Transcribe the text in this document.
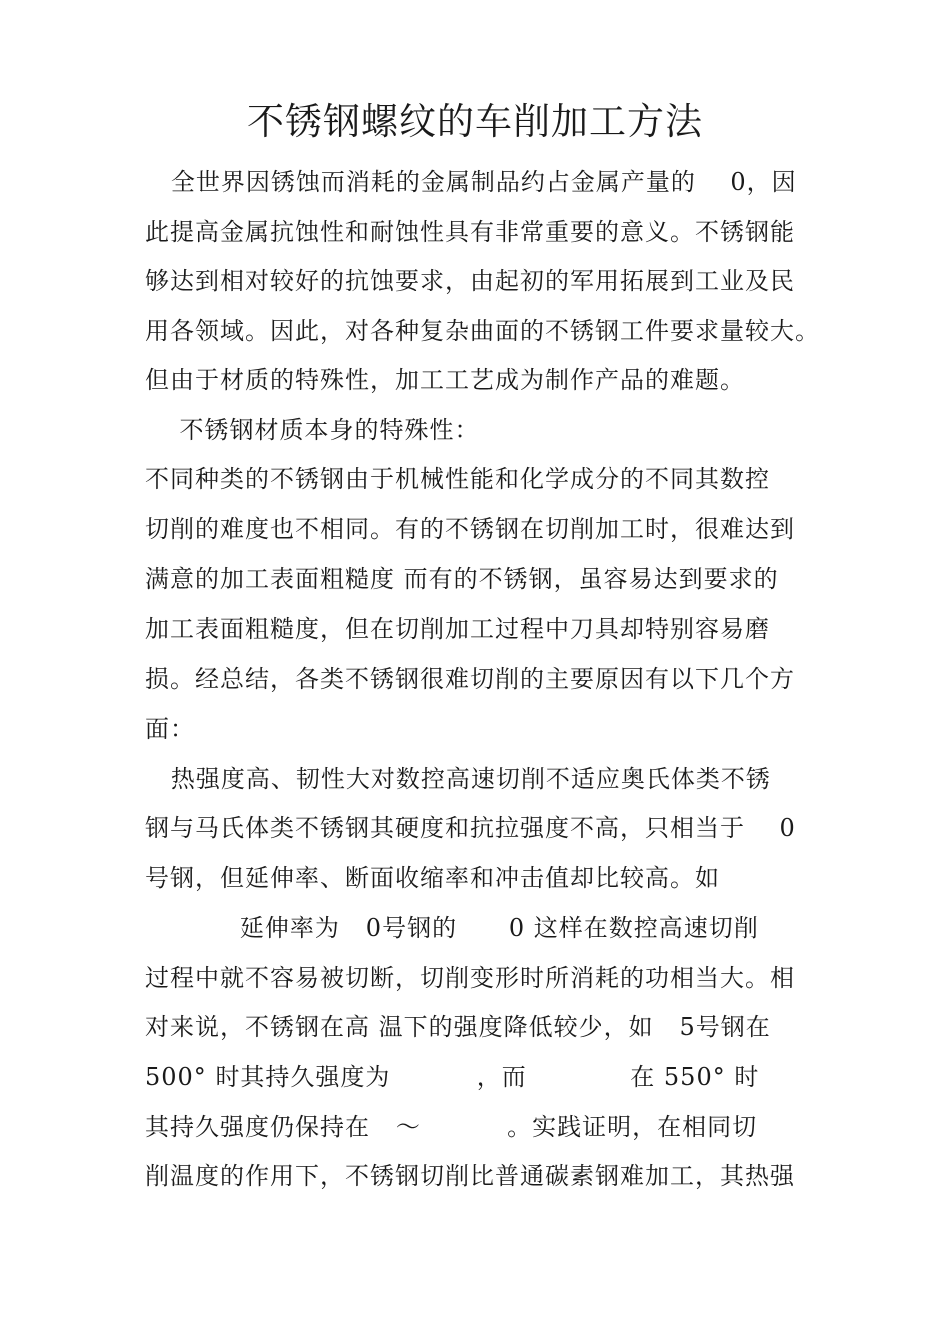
不锈钢螺纹的车削加工方法
全世界因锈蚀而消耗的金属制品约占金属产量的    0，因
此提高金属抗蚀性和耐蚀性具有非常重要的意义。不锈钢能
够达到相对较好的抗蚀要求，由起初的军用拓展到工业及民
用各领域。因此，对各种复杂曲面的不锈钢工件要求量较大。
但由于材质的特殊性，加工工艺成为制作产品的难题。
不锈钢材质本身的特殊性：
不同种类的不锈钢由于机械性能和化学成分的不同其数控
切削的难度也不相同。有的不锈钢在切削加工时，很难达到
满意的加工表面粗糙度 而有的不锈钢，虽容易达到要求的
加工表面粗糙度，但在切削加工过程中刀具却特别容易磨
损。经总结，各类不锈钢很难切削的主要原因有以下几个方
面：
热强度高、韧性大对数控高速切削不适应奥氏体类不锈
钢与马氏体类不锈钢其硬度和抗拉强度不高，只相当于    0
号钢，但延伸率、断面收缩率和冲击值却比较高。如
延伸率为   0号钢的      0 这样在数控高速切削
过程中就不容易被切断，切削变形时所消耗的功相当大。相
对来说，不锈钢在高 温下的强度降低较少，如   5号钢在
500° 时其持久强度为          ，而            在 550° 时
其持久强度仍保持在   ～          。实践证明，在相同切
削温度的作用下，不锈钢切削比普通碳素钢难加工，其热强
